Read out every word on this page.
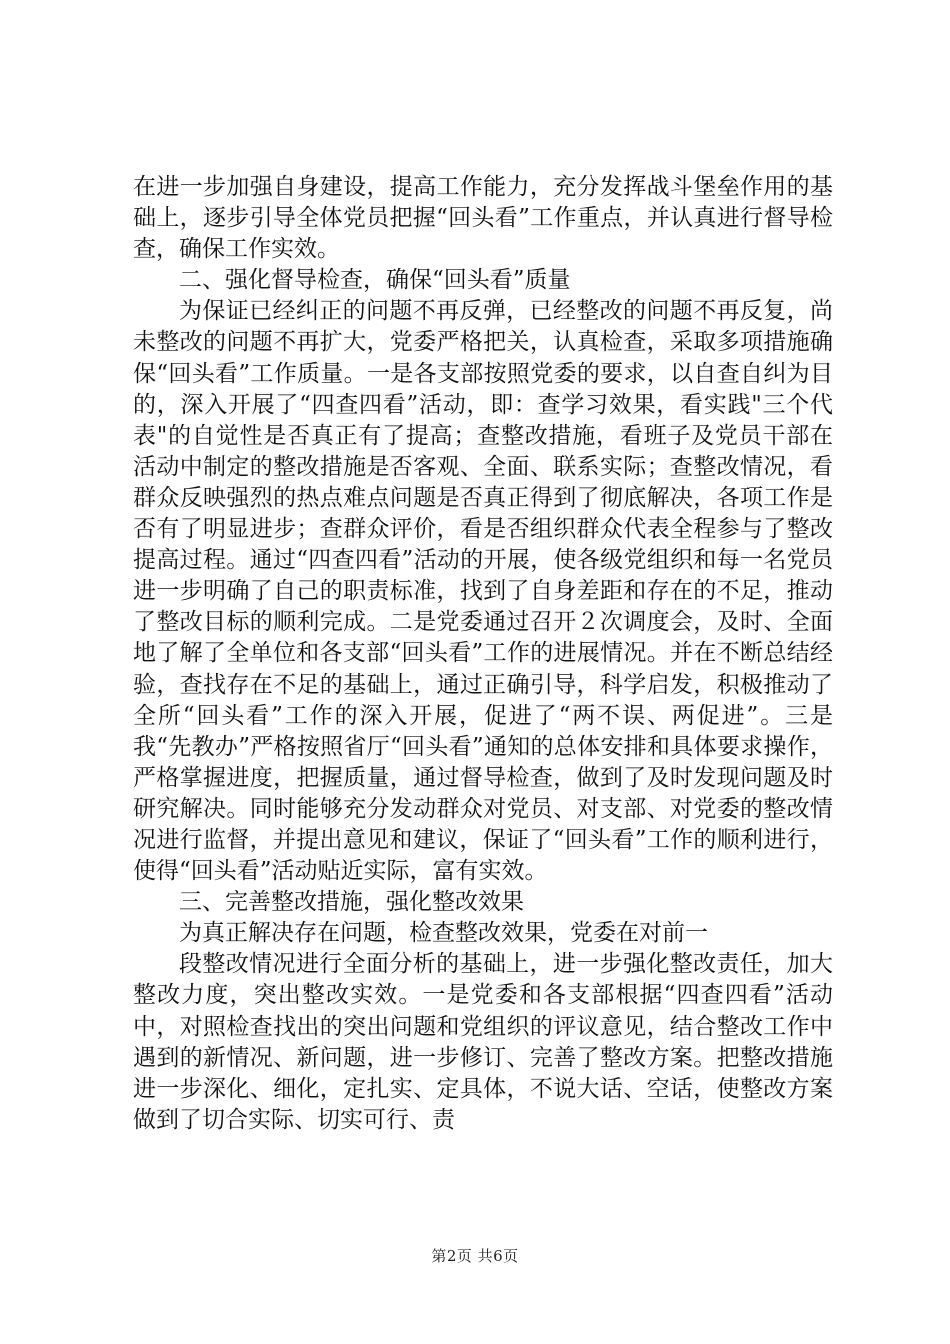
在进一步加强自身建设，提高工作能力，充分发挥战斗堡垒作用的基础上，逐步引导全体党员把握“回头看”工作重点，并认真进行督导检查，确保工作实效。

二、强化督导检查，确保“回头看”质量

为保证已经纠正的问题不再反弹，已经整改的问题不再反复，尚未整改的问题不再扩大，党委严格把关，认真检查，采取多项措施确保“回头看”工作质量。一是各支部按照党委的要求，以自查自纠为目的，深入开展了“四查四看”活动，即：查学习效果，看实践"三个代表"的自觉性是否真正有了提高；查整改措施，看班子及党员干部在活动中制定的整改措施是否客观、全面、联系实际；查整改情况，看群众反映强烈的热点难点问题是否真正得到了彻底解决，各项工作是否有了明显进步；查群众评价，看是否组织群众代表全程参与了整改提高过程。通过“四查四看”活动的开展，使各级党组织和每一名党员进一步明确了自己的职责标准，找到了自身差距和存在的不足，推动了整改目标的顺利完成。二是党委通过召开２次调度会，及时、全面地了解了全单位和各支部“回头看”工作的进展情况。并在不断总结经验，查找存在不足的基础上，通过正确引导，科学启发，积极推动了全所“回头看”工作的深入开展，促进了“两不误、两促进”。三是我“先教办”严格按照省厅“回头看”通知的总体安排和具体要求操作，严格掌握进度，把握质量，通过督导检查，做到了及时发现问题及时研究解决。同时能够充分发动群众对党员、对支部、对党委的整改情况进行监督，并提出意见和建议，保证了“回头看”工作的顺利进行，使得“回头看”活动贴近实际，富有实效。

三、完善整改措施，强化整改效果

为真正解决存在问题，检查整改效果，党委在对前一

段整改情况进行全面分析的基础上，进一步强化整改责任，加大整改力度，突出整改实效。一是党委和各支部根据“四查四看”活动中，对照检查找出的突出问题和党组织的评议意见，结合整改工作中遇到的新情况、新问题，进一步修订、完善了整改方案。把整改措施进一步深化、细化，定扎实、定具体，不说大话、空话，使整改方案做到了切合实际、切实可行、责

第2页 共6页
